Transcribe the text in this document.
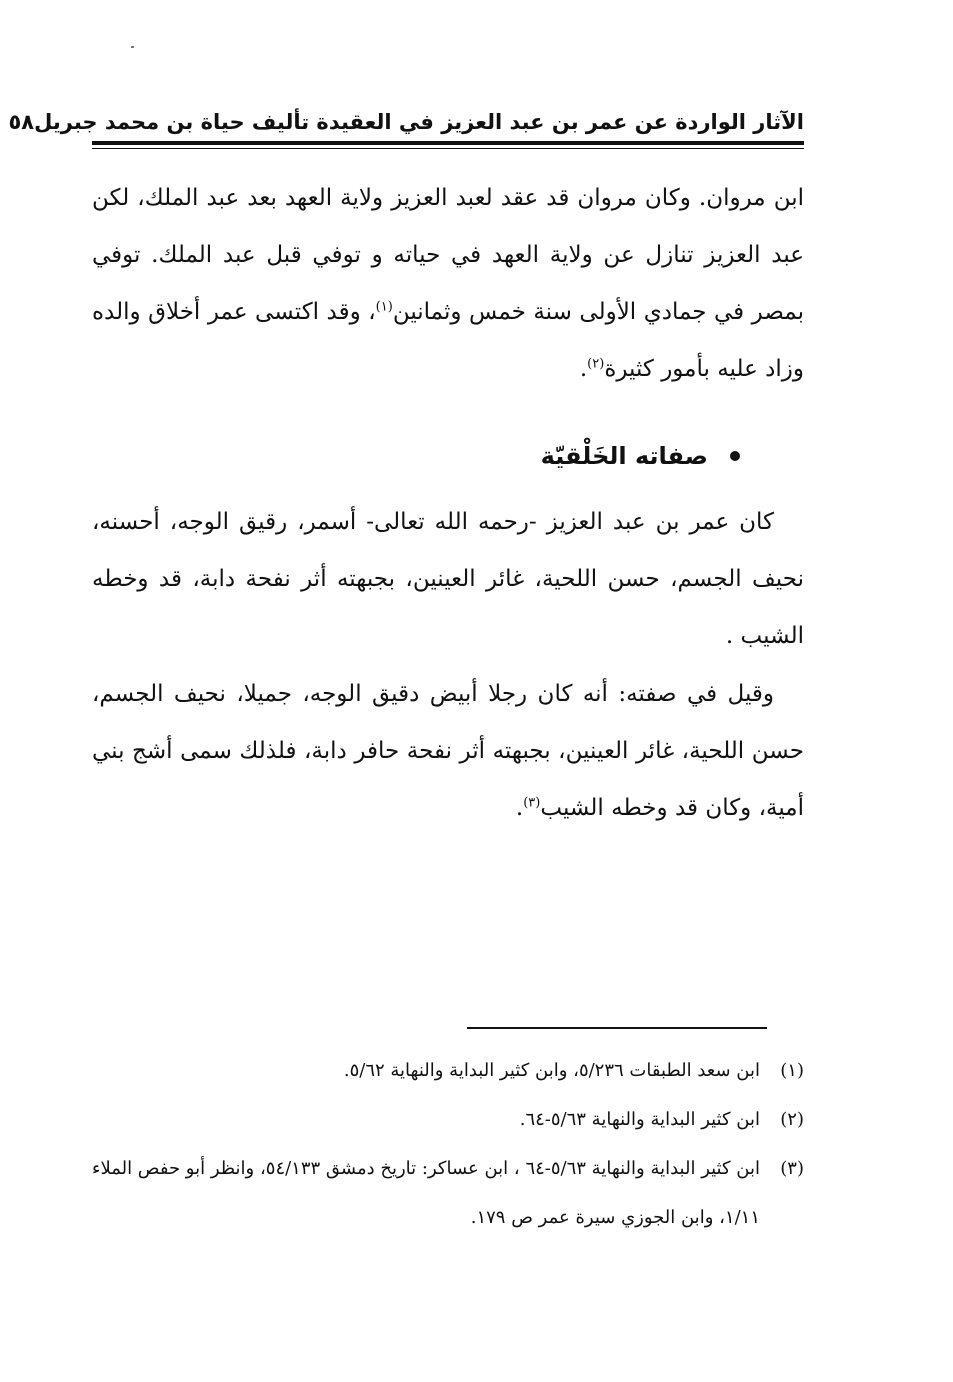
الآثار الواردة عن عمر بن عبد العزيز في العقيدة تأليف حياة بن محمد جبريل
٥٨
ابن مروان. وكان مروان قد عقد لعبد العزيز ولاية العهد بعد عبد الملك، لكن عبد العزيز تنازل عن ولاية العهد في حياته و توفي قبل عبد الملك. توفي بمصر في جمادي الأولى سنة خمس وثمانين$^{(١)}$، وقد اكتسى عمر أخلاق والده وزاد عليه بأمور كثيرة$^{(٢)}$.
صفاته الخَلْقيّة
كان عمر بن عبد العزيز -رحمه الله تعالى- أسمر، رقيق الوجه، أحسنه، نحيف الجسم، حسن اللحية، غائر العينين، بجبهته أثر نفحة دابة، قد وخطه الشيب .
وقيل في صفته: أنه كان رجلا أبيض دقيق الوجه، جميلا، نحيف الجسم، حسن اللحية، غائر العينين، بجبهته أثر نفحة حافر دابة، فلذلك سمى أشج بني أمية، وكان قد وخطه الشيب$^{(٣)}$.
(١)
ابن سعد الطبقات ٥/٢٣٦، وابن كثير البداية والنهاية ٥/٦٢.
(٢)
ابن كثير البداية والنهاية ٥/٦٣-٦٤.
(٣)
ابن كثير البداية والنهاية ٥/٦٣-٦٤ ، ابن عساكر: تاريخ دمشق ٥٤/١٣٣، وانظر أبو حفص الملاء ١/١١، وابن الجوزي سيرة عمر ص ١٧٩.
